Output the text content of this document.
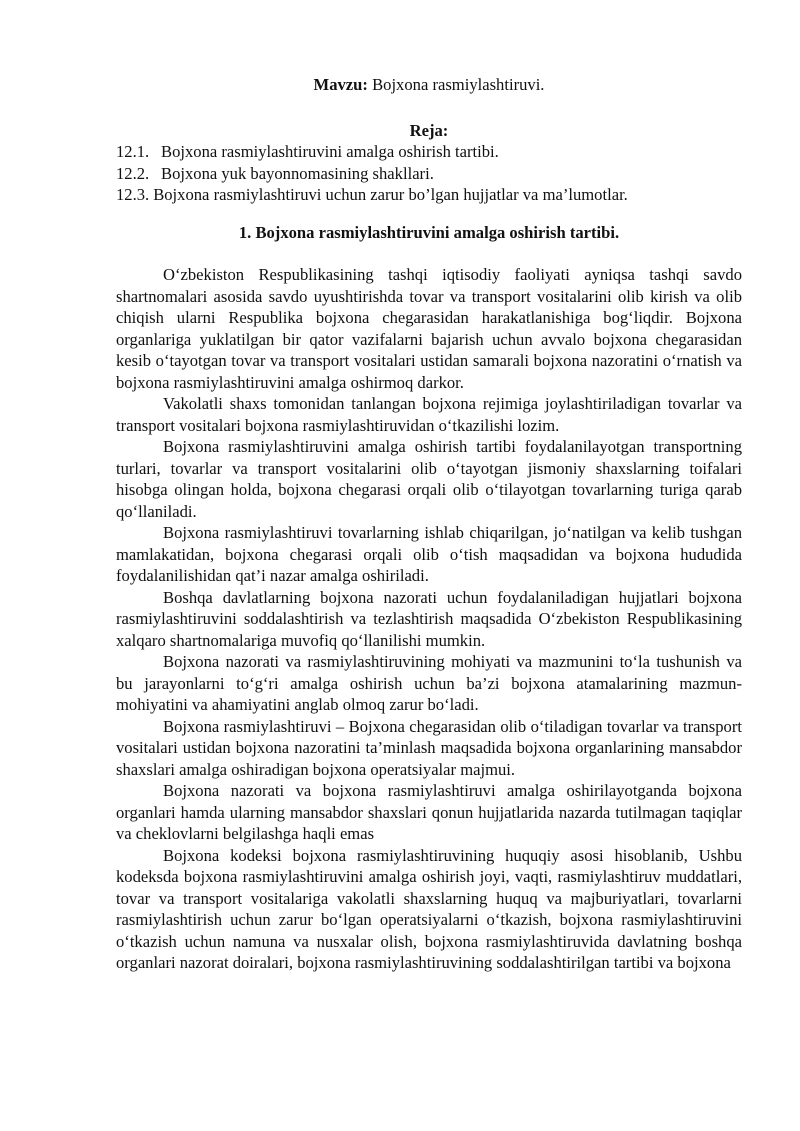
Mavzu: Bojxona rasmiylashtiruvi.

Reja:

12.1. Bojxona rasmiylashtiruvini amalga oshirish tartibi.
12.2. Bojxona yuk bayonnomasining shakllari.
12.3. Bojxona rasmiylashtiruvi uchun zarur bo’lgan hujjatlar va ma’lumotlar.

1. Bojxona rasmiylashtiruvini amalga oshirish tartibi.

O‘zbekiston Respublikasining tashqi iqtisodiy faoliyati ayniqsa tashqi savdo shartnomalari asosida savdo uyushtirishda tovar va transport vositalarini olib kirish va olib chiqish ularni Respublika bojxona chegarasidan harakatlanishiga bog‘liqdir. Bojxona organlariga yuklatilgan bir qator vazifalarni bajarish uchun avvalo bojxona chegarasidan kesib o‘tayotgan tovar va transport vositalari ustidan samarali bojxona nazoratini o‘rnatish va bojxona rasmiylashtiruvini amalga oshirmoq darkor.

Vakolatli shaxs tomonidan tanlangan bojxona rejimiga joylashtiriladigan tovarlar va transport vositalari bojxona rasmiylashtiruvidan o‘tkazilishi lozim.

Bojxona rasmiylashtiruvini amalga oshirish tartibi foydalanilayotgan transportning turlari, tovarlar va transport vositalarini olib o‘tayotgan jismoniy shaxslarning toifalari hisobga olingan holda, bojxona chegarasi orqali olib o‘tilayotgan tovarlarning turiga qarab qo‘llaniladi.

Bojxona rasmiylashtiruvi tovarlarning ishlab chiqarilgan, jo‘natilgan va kelib tushgan mamlakatidan, bojxona chegarasi orqali olib o‘tish maqsadidan va bojxona hududida foydalanilishidan qat’i nazar amalga oshiriladi.

Boshqa davlatlarning bojxona nazorati uchun foydalaniladigan hujjatlari bojxona rasmiylashtiruvini soddalashtirish va tezlashtirish maqsadida O‘zbekiston Respublikasining xalqaro shartnomalariga muvofiq qo‘llanilishi mumkin.

Bojxona nazorati va rasmiylashtiruvining mohiyati va mazmunini to‘la tushunish va bu jarayonlarni to‘g‘ri amalga oshirish uchun ba’zi bojxona atamalarining mazmun-mohiyatini va ahamiyatini anglab olmoq zarur bo‘ladi.

Bojxona rasmiylashtiruvi – Bojxona chegarasidan olib o‘tiladigan tovarlar va transport vositalari ustidan bojxona nazoratini ta’minlash maqsadida bojxona organlarining mansabdor shaxslari amalga oshiradigan bojxona operatsiyalar majmui.

Bojxona nazorati va bojxona rasmiylashtiruvi amalga oshirilayotganda bojxona organlari hamda ularning mansabdor shaxslari qonun hujjatlarida nazarda tutilmagan taqiqlar va cheklovlarni belgilashga haqli emas

Bojxona kodeksi bojxona rasmiylashtiruvining huquqiy asosi hisoblanib, Ushbu kodeksda bojxona rasmiylashtiruvini amalga oshirish joyi, vaqti, rasmiylashtiruv muddatlari, tovar va transport vositalariga vakolatli shaxslarning huquq va majburiyatlari, tovarlarni rasmiylashtirish uchun zarur bo‘lgan operatsiyalarni o‘tkazish, bojxona rasmiylashtiruvini o‘tkazish uchun namuna va nusxalar olish, bojxona rasmiylashtiruvida davlatning boshqa organlari nazorat doiralari, bojxona rasmiylashtiruvining soddalashtirilgan tartibi va bojxona
